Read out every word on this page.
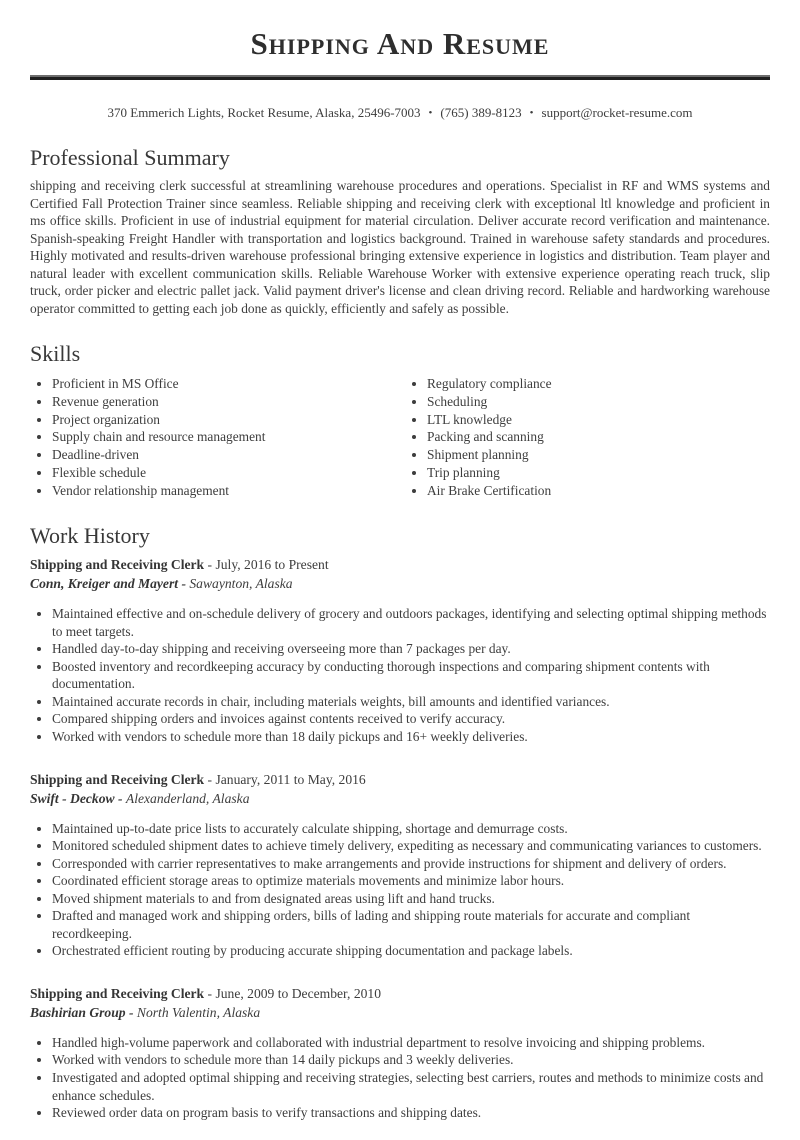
Shipping And Resume

370 Emmerich Lights, Rocket Resume, Alaska, 25496-7003 • (765) 389-8123 • support@rocket-resume.com

Professional Summary

shipping and receiving clerk successful at streamlining warehouse procedures and operations. Specialist in RF and WMS systems and Certified Fall Protection Trainer since seamless. Reliable shipping and receiving clerk with exceptional ltl knowledge and proficient in ms office skills. Proficient in use of industrial equipment for material circulation. Deliver accurate record verification and maintenance. Spanish-speaking Freight Handler with transportation and logistics background. Trained in warehouse safety standards and procedures. Highly motivated and results-driven warehouse professional bringing extensive experience in logistics and distribution. Team player and natural leader with excellent communication skills. Reliable Warehouse Worker with extensive experience operating reach truck, slip truck, order picker and electric pallet jack. Valid payment driver's license and clean driving record. Reliable and hardworking warehouse operator committed to getting each job done as quickly, efficiently and safely as possible.

Skills
• Proficient in MS Office
• Revenue generation
• Project organization
• Supply chain and resource management
• Deadline-driven
• Flexible schedule
• Vendor relationship management
• Regulatory compliance
• Scheduling
• LTL knowledge
• Packing and scanning
• Shipment planning
• Trip planning
• Air Brake Certification
Work History

Shipping and Receiving Clerk - July, 2016 to Present

Conn, Kreiger and Mayert - Sawaynton, Alaska

• Maintained effective and on-schedule delivery of grocery and outdoors packages, identifying and selecting optimal shipping methods to meet targets.
• Handled day-to-day shipping and receiving overseeing more than 7 packages per day.
• Boosted inventory and recordkeeping accuracy by conducting thorough inspections and comparing shipment contents with documentation.
• Maintained accurate records in chair, including materials weights, bill amounts and identified variances.
• Compared shipping orders and invoices against contents received to verify accuracy.
• Worked with vendors to schedule more than 18 daily pickups and 16+ weekly deliveries.

Shipping and Receiving Clerk - January, 2011 to May, 2016

Swift - Deckow - Alexanderland, Alaska

• Maintained up-to-date price lists to accurately calculate shipping, shortage and demurrage costs.
• Monitored scheduled shipment dates to achieve timely delivery, expediting as necessary and communicating variances to customers.
• Corresponded with carrier representatives to make arrangements and provide instructions for shipment and delivery of orders.
• Coordinated efficient storage areas to optimize materials movements and minimize labor hours.
• Moved shipment materials to and from designated areas using lift and hand trucks.
• Drafted and managed work and shipping orders, bills of lading and shipping route materials for accurate and compliant recordkeeping.
• Orchestrated efficient routing by producing accurate shipping documentation and package labels.

Shipping and Receiving Clerk - June, 2009 to December, 2010

Bashirian Group - North Valentin, Alaska

• Handled high-volume paperwork and collaborated with industrial department to resolve invoicing and shipping problems.
• Worked with vendors to schedule more than 14 daily pickups and 3 weekly deliveries.
• Investigated and adopted optimal shipping and receiving strategies, selecting best carriers, routes and methods to minimize costs and enhance schedules.
• Reviewed order data on program basis to verify transactions and shipping dates.
